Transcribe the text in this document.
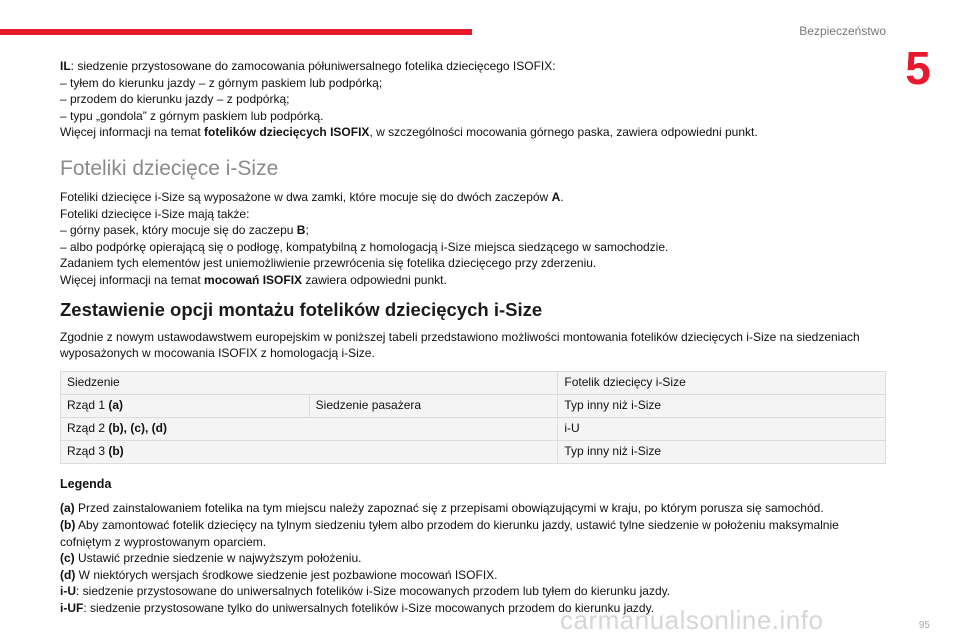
Bezpieczeństwo
5

IL: siedzenie przystosowane do zamocowania półuniwersalnego fotelika dziecięcego ISOFIX:

– tyłem do kierunku jazdy – z górnym paskiem lub podpórką;

– przodem do kierunku jazdy – z podpórką;

– typu „gondola” z górnym paskiem lub podpórką.

Więcej informacji na temat fotelików dziecięcych ISOFIX, w szczególności mocowania górnego paska, zawiera odpowiedni punkt.

Foteliki dziecięce i-Size

Foteliki dziecięce i-Size są wyposażone w dwa zamki, które mocuje się do dwóch zaczepów A.

Foteliki dziecięce i-Size mają także:

– górny pasek, który mocuje się do zaczepu B;

– albo podpórkę opierającą się o podłogę, kompatybilną z homologacją i-Size miejsca siedzącego w samochodzie.

Zadaniem tych elementów jest uniemożliwienie przewrócenia się fotelika dziecięcego przy zderzeniu.

Więcej informacji na temat mocowań ISOFIX zawiera odpowiedni punkt.

Zestawienie opcji montażu fotelików dziecięcych i-Size

Zgodnie z nowym ustawodawstwem europejskim w poniższej tabeli przedstawiono możliwości montowania fotelików dziecięcych i-Size na siedzeniach wyposażonych w mocowania ISOFIX z homologacją i-Size.

Siedzenie		Fotelik dziecięcy i-Size
Rząd 1 (a)	Siedzenie pasażera	Typ inny niż i-Size
Rząd 2 (b), (c), (d)		i-U
Rząd 3 (b)		Typ inny niż i-Size
Legenda

(a) Przed zainstalowaniem fotelika na tym miejscu należy zapoznać się z przepisami obowiązującymi w kraju, po którym porusza się samochód.

(b) Aby zamontować fotelik dziecięcy na tylnym siedzeniu tyłem albo przodem do kierunku jazdy, ustawić tylne siedzenie w położeniu maksymalnie cofniętym z wyprostowanym oparciem.

(c) Ustawić przednie siedzenie w najwyższym położeniu.

(d) W niektórych wersjach środkowe siedzenie jest pozbawione mocowań ISOFIX.

i-U: siedzenie przystosowane do uniwersalnych fotelików i-Size mocowanych przodem lub tyłem do kierunku jazdy.

i-UF: siedzenie przystosowane tylko do uniwersalnych fotelików i-Size mocowanych przodem do kierunku jazdy.

carmanualsonline.info	95
